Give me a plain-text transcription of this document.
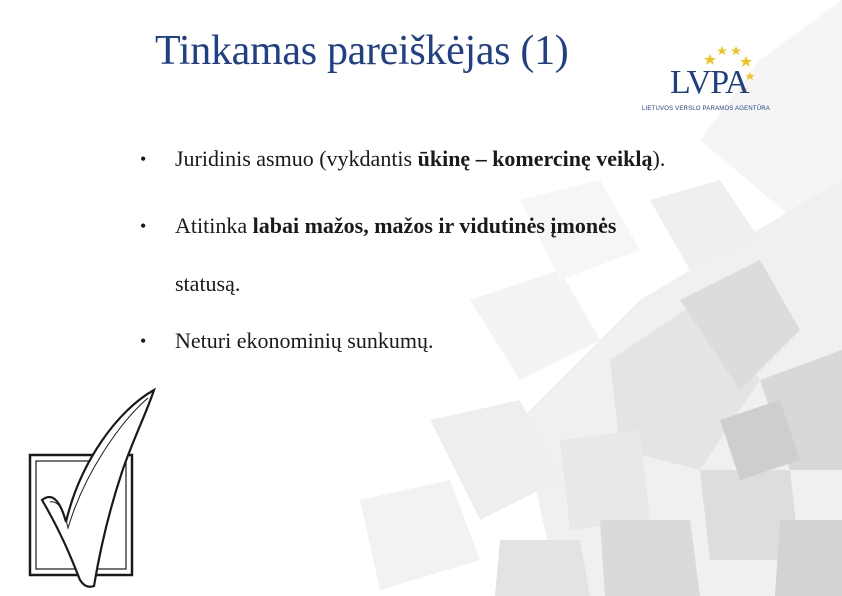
Tinkamas pareiškėjas (1)
LVPA
LIETUVOS VERSLO PARAMOS AGENTŪRA
• Juridinis asmuo (vykdantis ūkinę – komercinę veiklą).
• Atitinka labai mažos, mažos ir vidutinės įmonės
statusą.
• Neturi ekonominių sunkumų.
